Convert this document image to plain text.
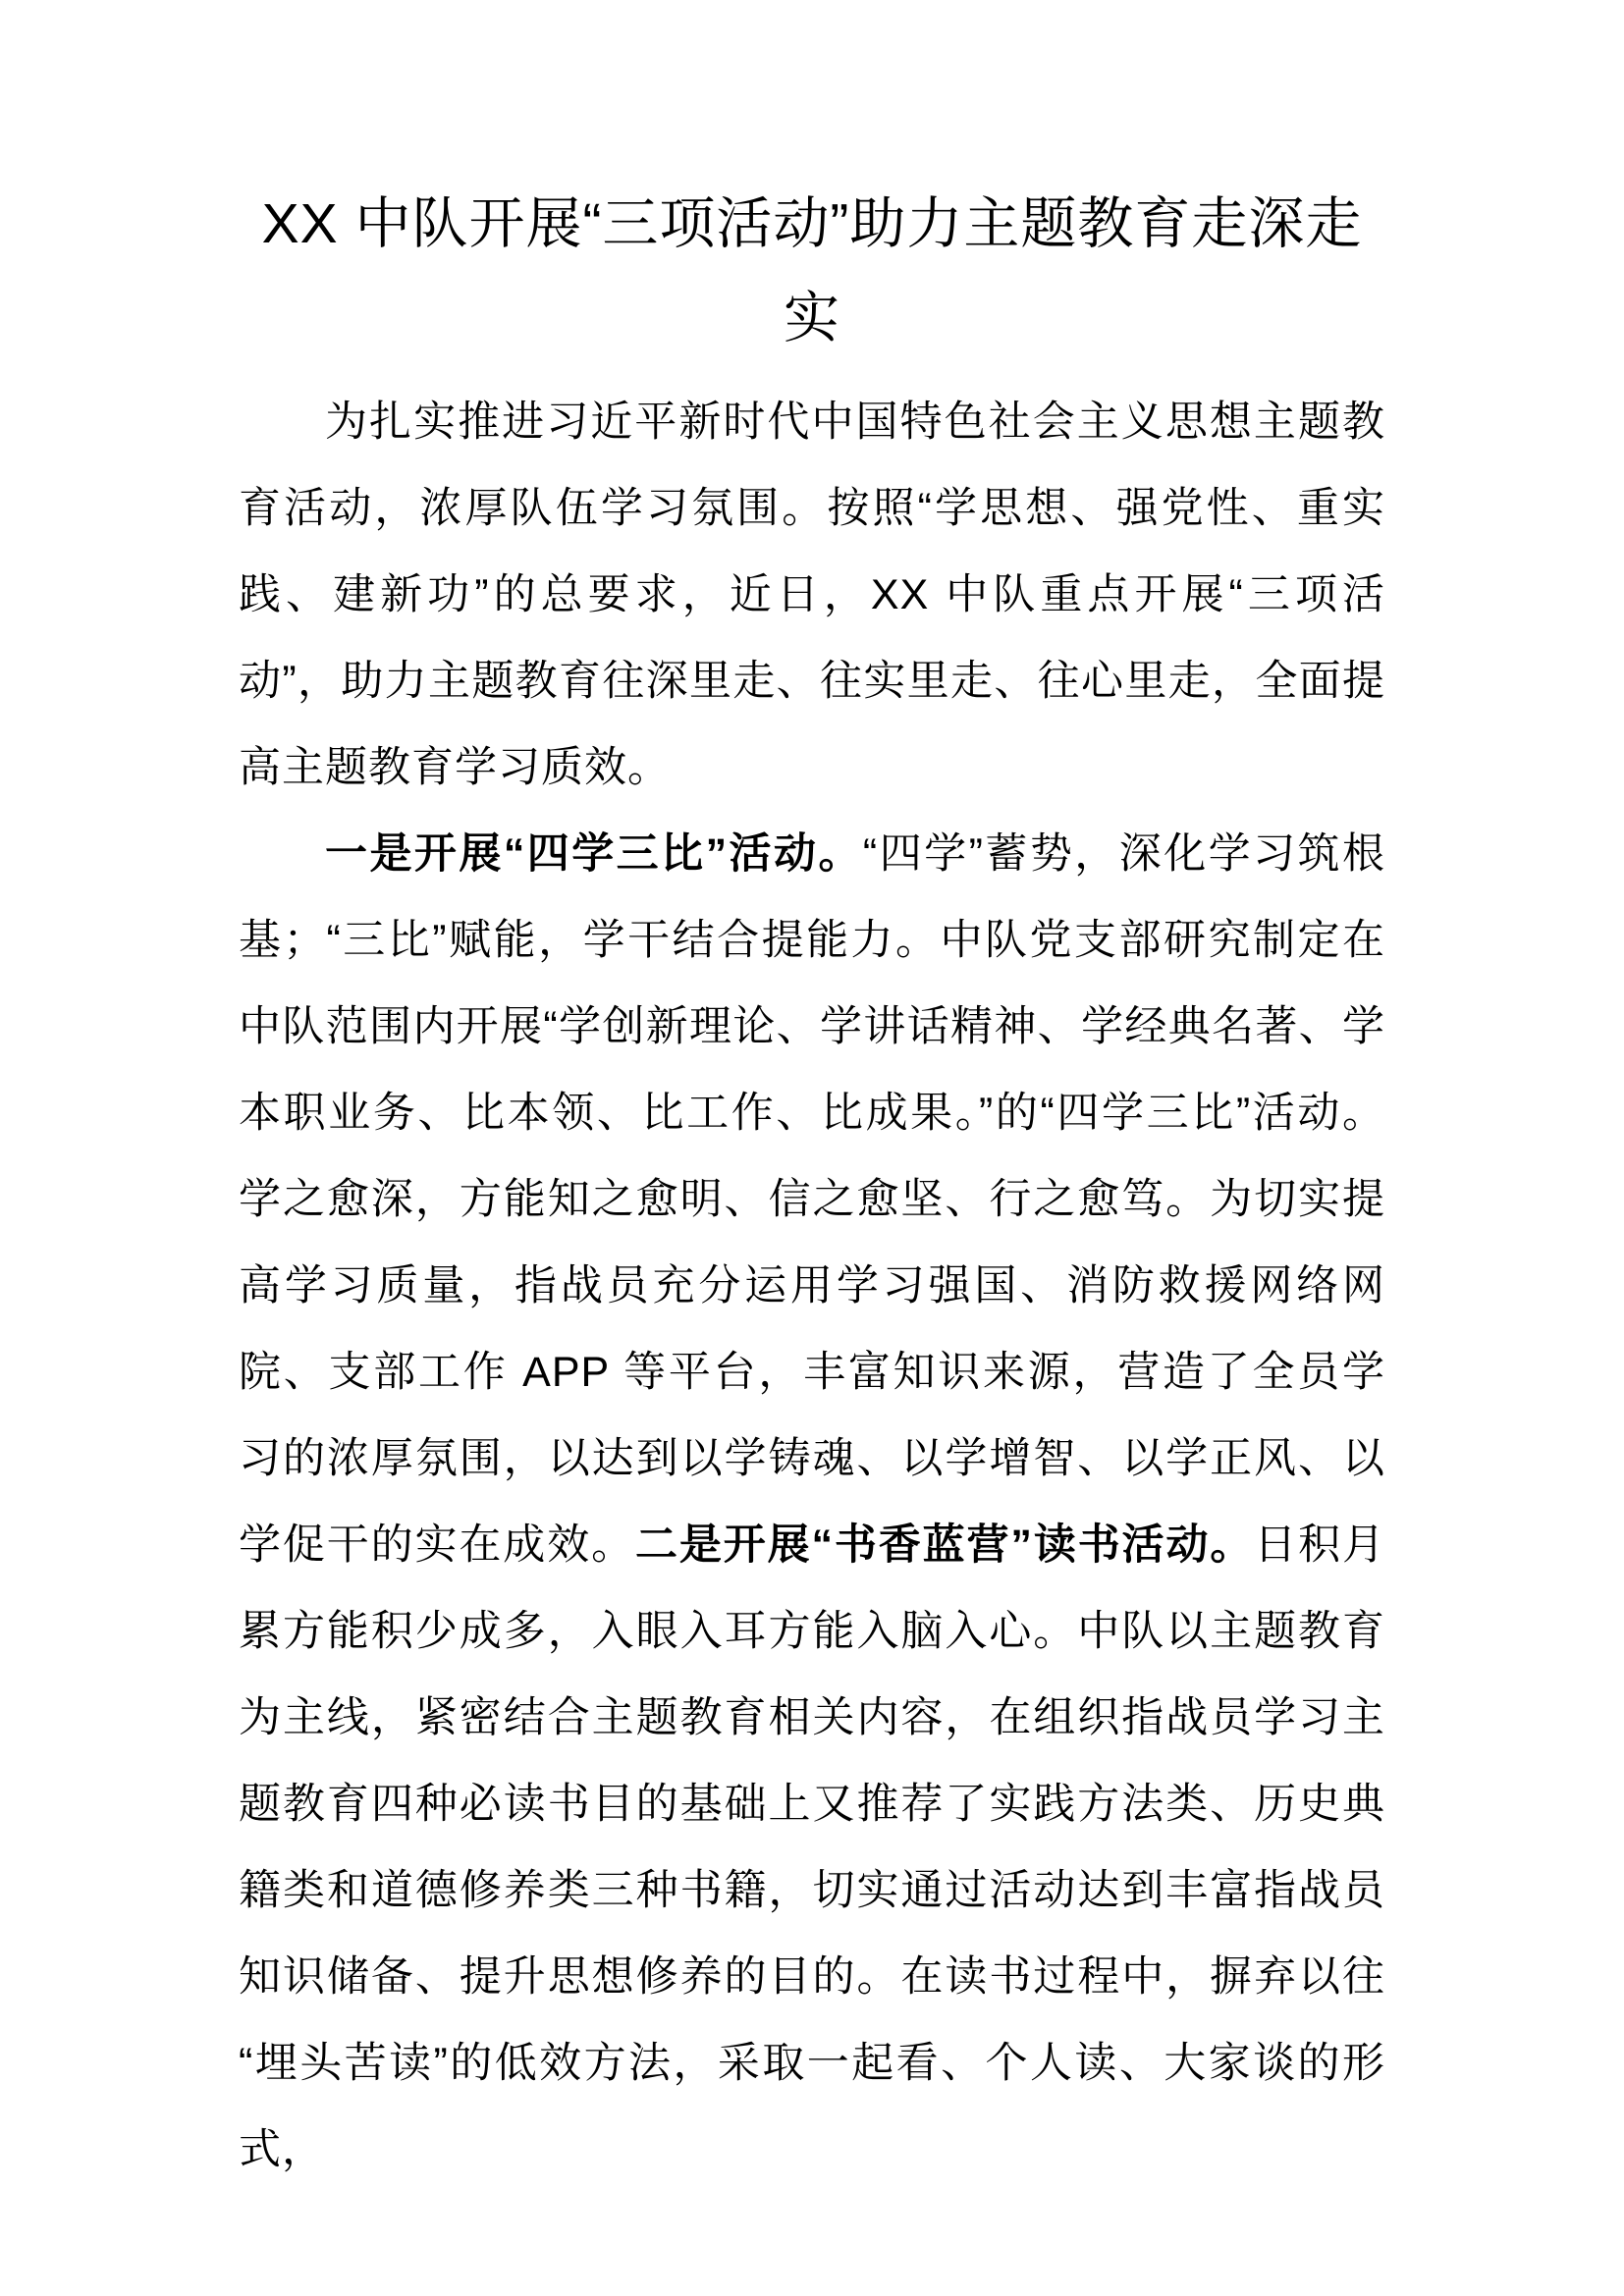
XX 中队开展“三项活动”助力主题教育走深走实

为扎实推进习近平新时代中国特色社会主义思想主题教育活动，浓厚队伍学习氛围。按照“学思想、强党性、重实践、建新功”的总要求，近日，XX 中队重点开展“三项活动”，助力主题教育往深里走、往实里走、往心里走，全面提高主题教育学习质效。

一是开展“四学三比”活动。“四学”蓄势，深化学习筑根基；“三比”赋能，学干结合提能力。中队党支部研究制定在中队范围内开展“学创新理论、学讲话精神、学经典名著、学本职业务、比本领、比工作、比成果。”的“四学三比”活动。学之愈深，方能知之愈明、信之愈坚、行之愈笃。为切实提高学习质量，指战员充分运用学习强国、消防救援网络网院、支部工作 APP 等平台，丰富知识来源，营造了全员学习的浓厚氛围，以达到以学铸魂、以学增智、以学正风、以学促干的实在成效。二是开展“书香蓝营”读书活动。日积月累方能积少成多，入眼入耳方能入脑入心。中队以主题教育为主线，紧密结合主题教育相关内容，在组织指战员学习主题教育四种必读书目的基础上又推荐了实践方法类、历史典籍类和道德修养类三种书籍，切实通过活动达到丰富指战员知识储备、提升思想修养的目的。在读书过程中，摒弃以往“埋头苦读”的低效方法，采取一起看、个人读、大家谈的形式，
